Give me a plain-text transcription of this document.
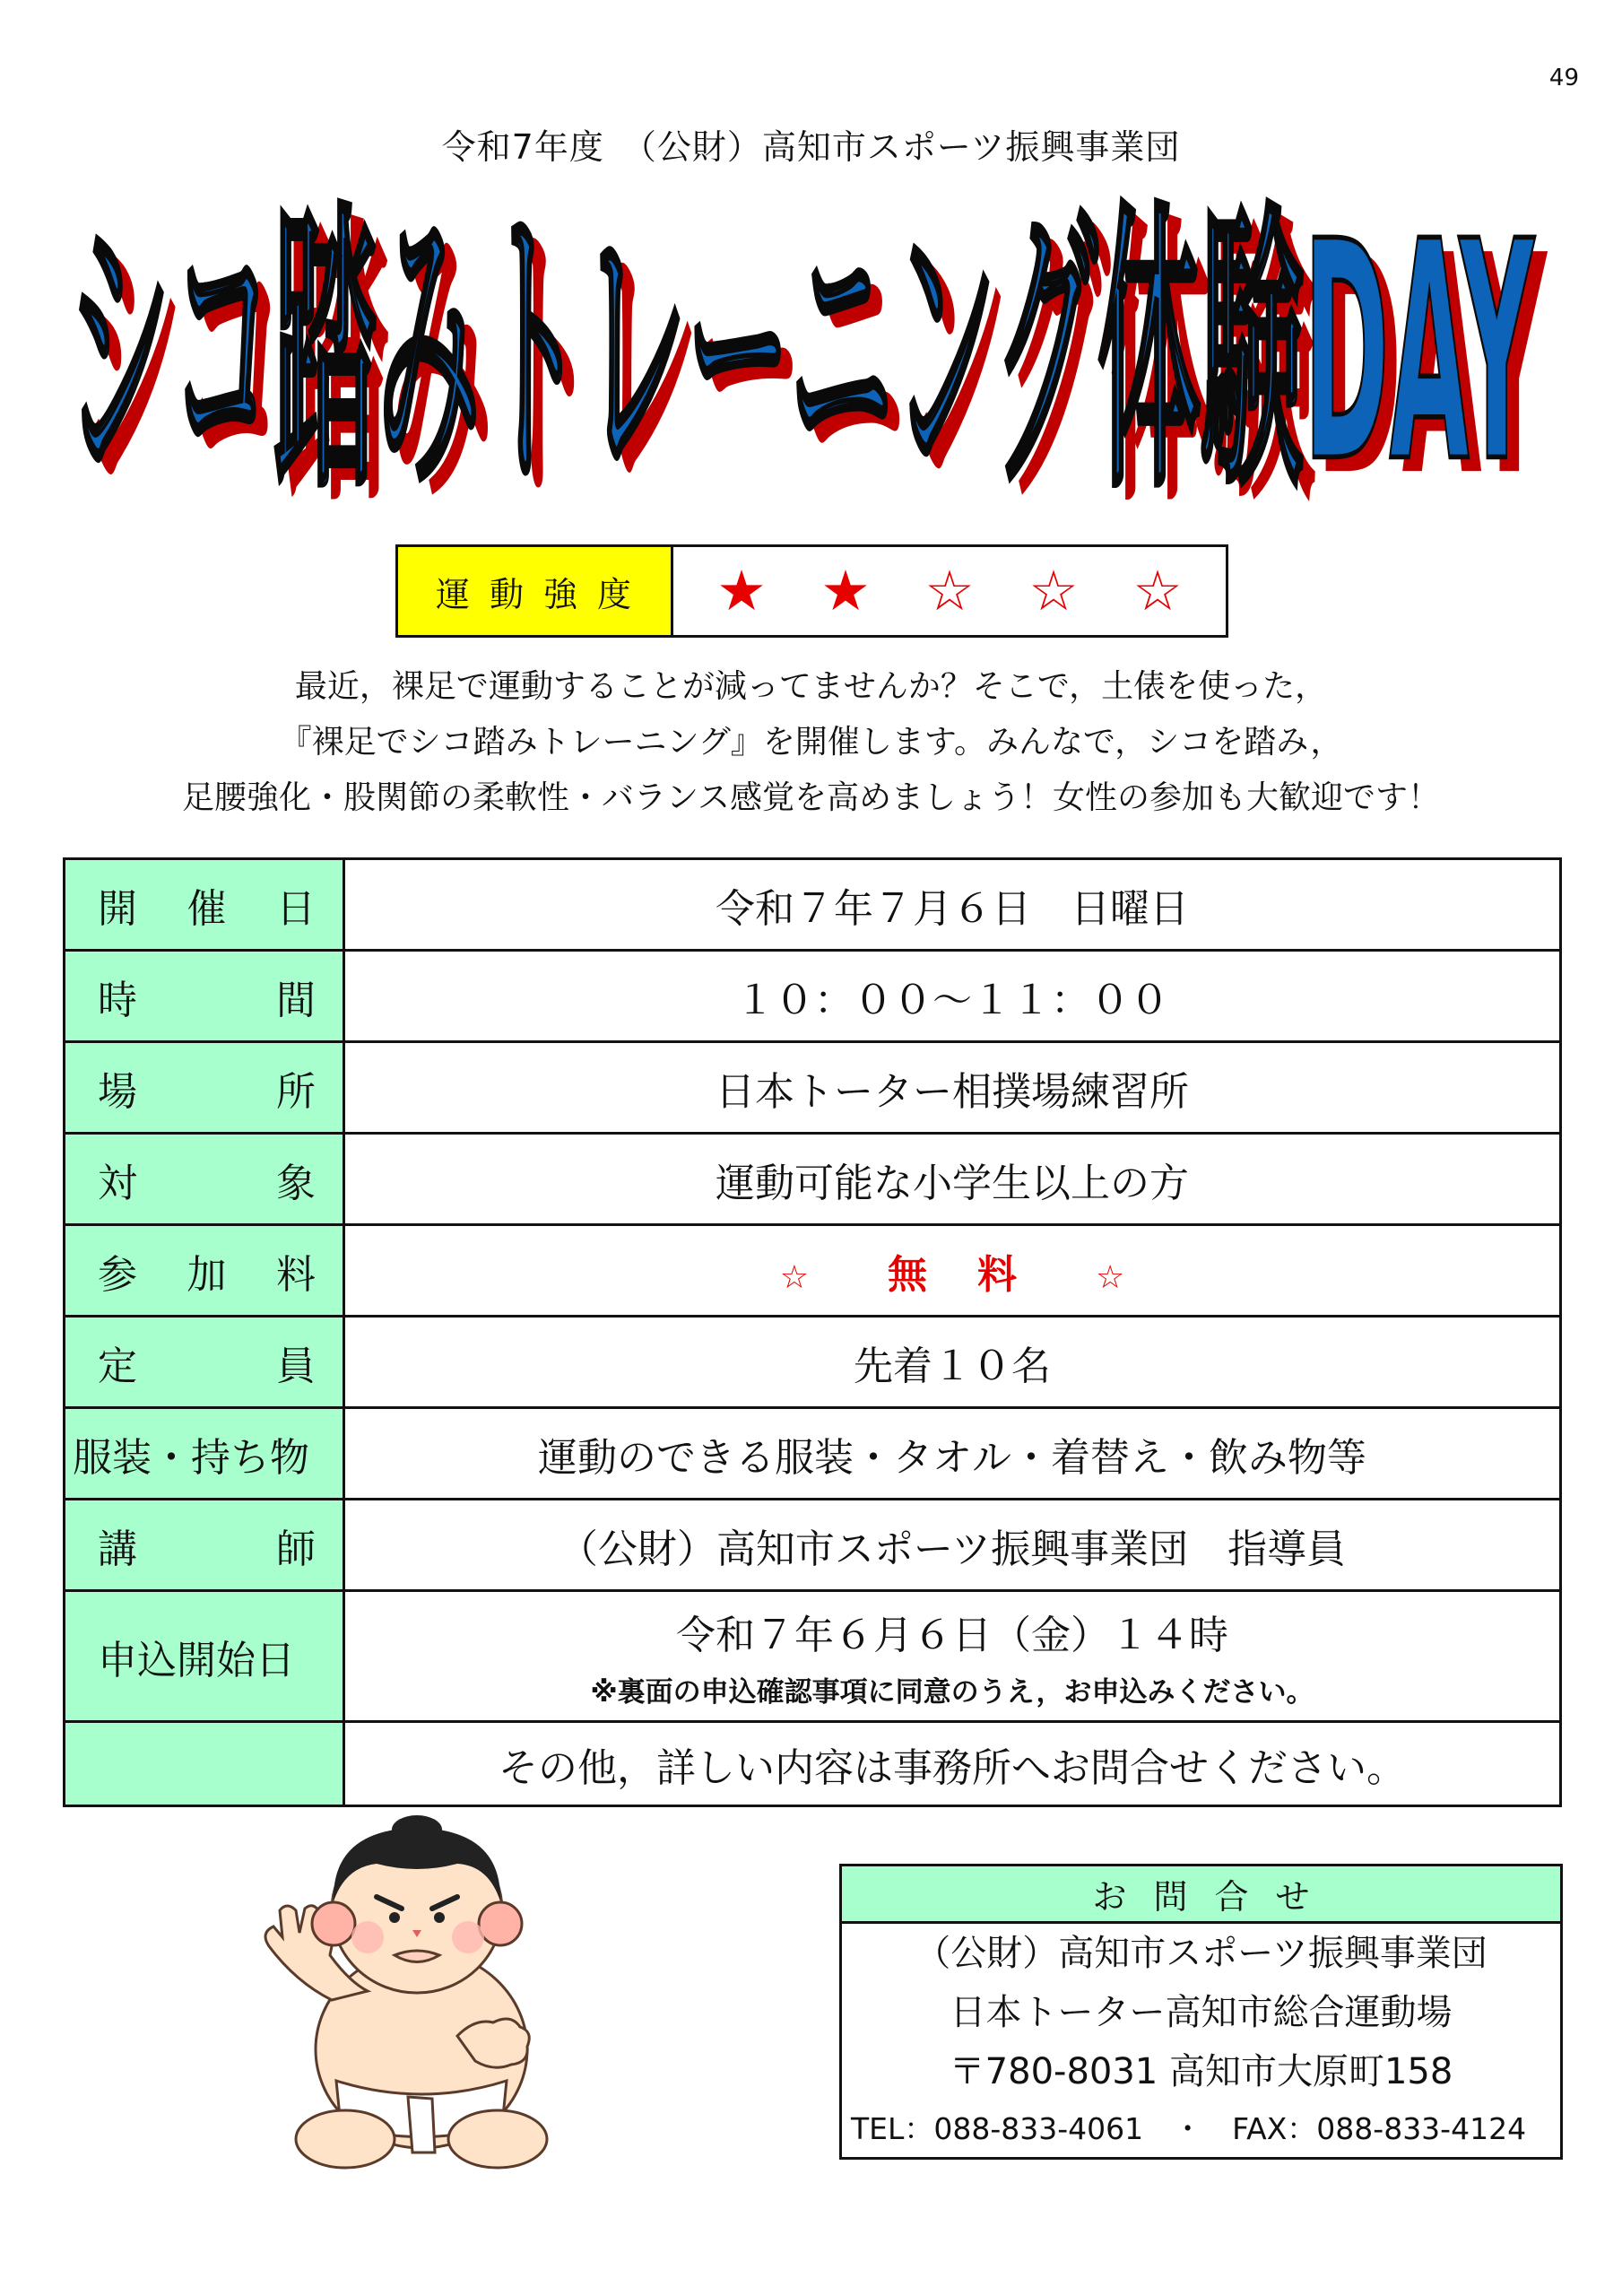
49
令和7年度　（公財）高知市スポーツ振興事業団
シコ踏みトレーニング体験DAY
シコ踏みトレーニング体験DAY
運動強度	★ ★ ☆ ☆ ☆

最近，裸足で運動することが減ってませんか？そこで，土俵を使った，

『裸足でシコ踏みトレーニング』を開催します。みんなで，シコを踏み，

足腰強化・股関節の柔軟性・バランス感覚を高めましょう！女性の参加も大歓迎です！

開 催 日	令和７年７月６日　日曜日

時 間	１０：００～１１：００

場 所	日本トーター相撲場練習所

対 象	運動可能な小学生以上の方

参 加 料	☆ 無 料 ☆

定 員	先着１０名

服装・持ち物	運動のできる服装・タオル・着替え・飲み物等

講 師	（公財）高知市スポーツ振興事業団　指導員

申込開始日	令和７年６月６日（金）１４時
※裏面の申込確認事項に同意のうえ，お申込みください。

	その他，詳しい内容は事務所へお問合せください。
お問合せ
（公財）高知市スポーツ振興事業団
日本トーター高知市総合運動場
〒780-8031 高知市大原町158
TEL：088-833-4061　・　FAX：088-833-4124
